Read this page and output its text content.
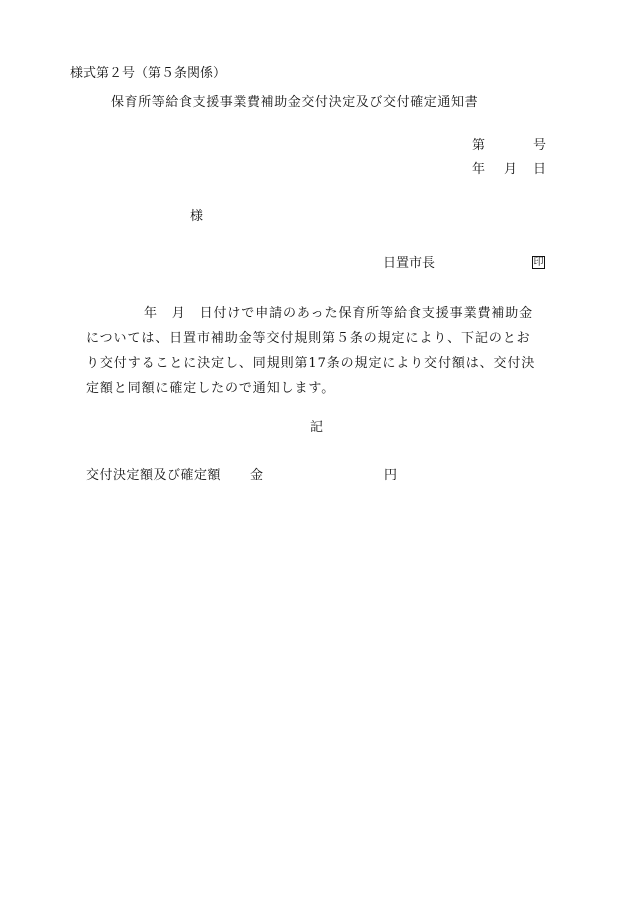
様式第２号（第５条関係）
保育所等給食支援事業費補助金交付決定及び交付確定通知書
第	号
年 月 日
様
日置市長	印

年　月　日付けで申請のあった保育所等給食支援事業費補助金

については、日置市補助金等交付規則第５条の規定により、下記のとお

り交付することに決定し、同規則第17条の規定により交付額は、交付決

定額と同額に確定したので通知します。

記
交付決定額及び確定額 金	円
